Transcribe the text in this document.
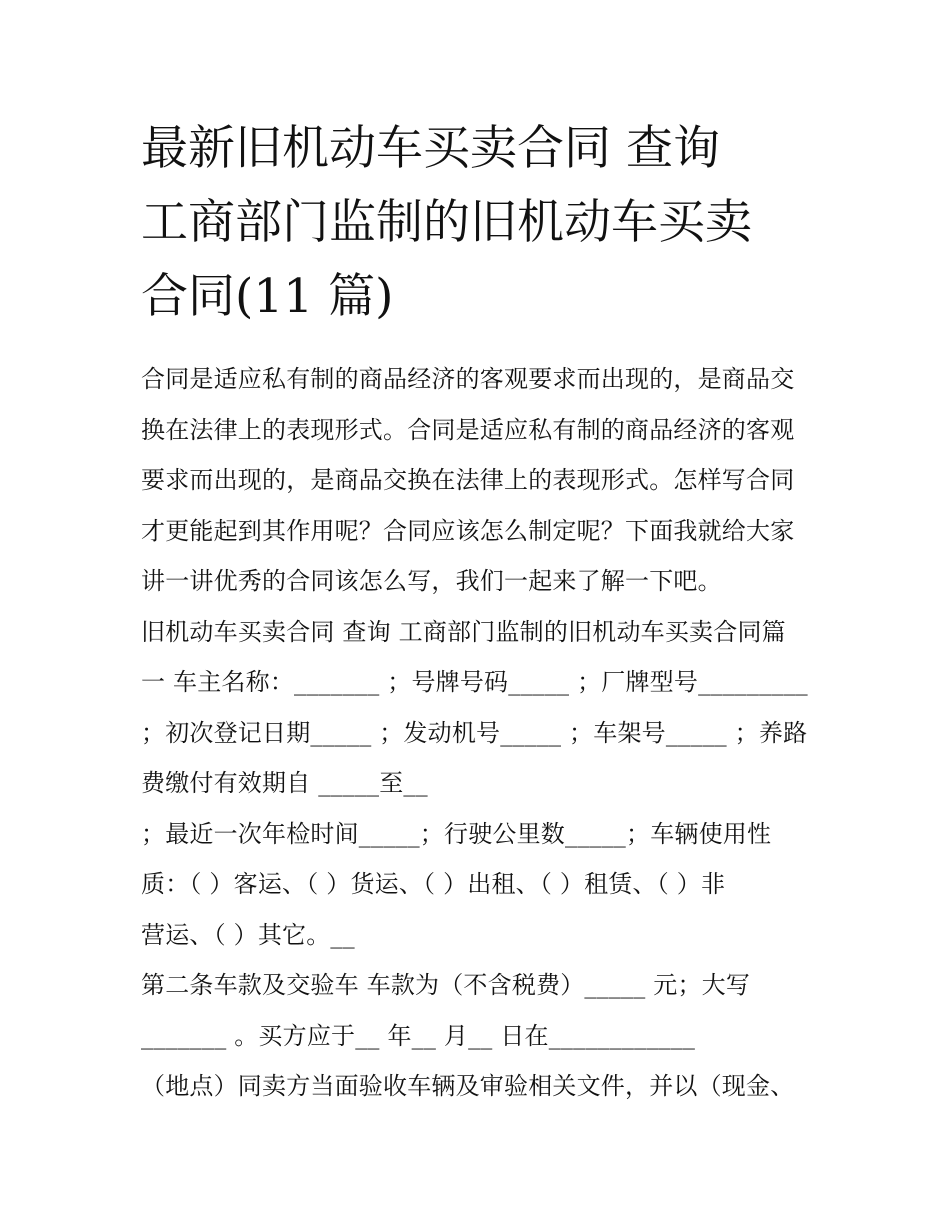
最新旧机动车买卖合同 查询
工商部门监制的旧机动车买卖
合同(11 篇)
合同是适应私有制的商品经济的客观要求而出现的，是商品交
换在法律上的表现形式。合同是适应私有制的商品经济的客观
要求而出现的，是商品交换在法律上的表现形式。怎样写合同
才更能起到其作用呢？合同应该怎么制定呢？下面我就给大家
讲一讲优秀的合同该怎么写，我们一起来了解一下吧。
旧机动车买卖合同 查询 工商部门监制的旧机动车买卖合同篇
一 车主名称：_______ ；号牌号码_____ ；厂牌型号_________
；初次登记日期_____ ；发动机号_____ ；车架号_____ ；养路
费缴付有效期自 _____至__
；最近一次年检时间_____；行驶公里数_____；车辆使用性
质：（ ）客运、（ ）货运、（ ）出租、（ ）租赁、（ ）非
营运、（ ）其它。__
第二条车款及交验车 车款为（不含税费）_____ 元；大写
_______ 。买方应于__ 年__ 月__ 日在____________
（地点）同卖方当面验收车辆及审验相关文件，并以（现金、
